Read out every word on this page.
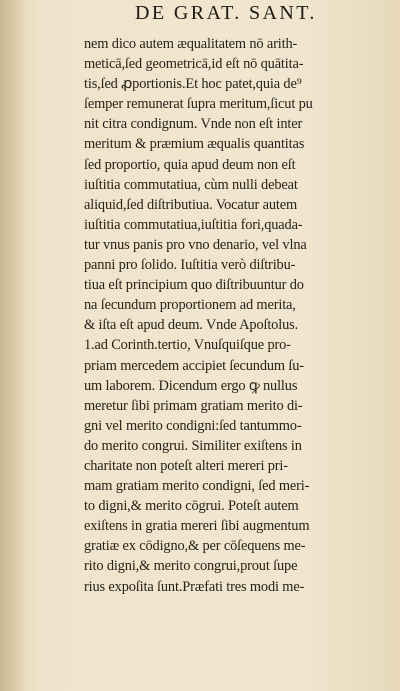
DE GRAT. SANT.
nem dico autem æqualitatem nō arith-
meticā,ſed geometricā,id eſt nō quātita-
tis,ſed ꝓportionis.Et hoc patet,quia de⁹
ſemper remunerat ſupra meritum,ſicut pu
nit citra condignum. Vnde non eſt inter
meritum & præmium æqualis quantitas
ſed proportio, quia apud deum non eſt
iuſtitia commutatiua, cùm nulli debeat
aliquid,ſed diſtributiua. Vocatur autem
iuſtitia commutatiua,iuſtitia fori,quada-
tur vnus panis pro vno denario, vel vlna
panni pro ſolido. Iuſtitia verò diſtribu-
tiua eſt principium quo diſtribuuntur do
na ſecundum proportionem ad merita,
& iſta eſt apud deum. Vnde Apoſtolus.
1.ad Corinth.tertio, Vnuſquiſque pro-
priam mercedem accipiet ſecundum ſu-
um laborem. Dicendum ergo ꝙ nullus
meretur ſibi primam gratiam merito di-
gni vel merito condigni:ſed tantummo-
do merito congrui. Similiter exiſtens in
charitate non poteſt alteri mereri pri-
mam gratiam merito condigni, ſed meri-
to digni,& merito cōgrui. Poteſt autem
exiſtens in gratia mereri ſibi augmentum
gratiæ ex cōdigno,& per cōſequens me-
rito digni,& merito congrui,prout ſupe
rius expoſita ſunt.Præfati tres modi me-
